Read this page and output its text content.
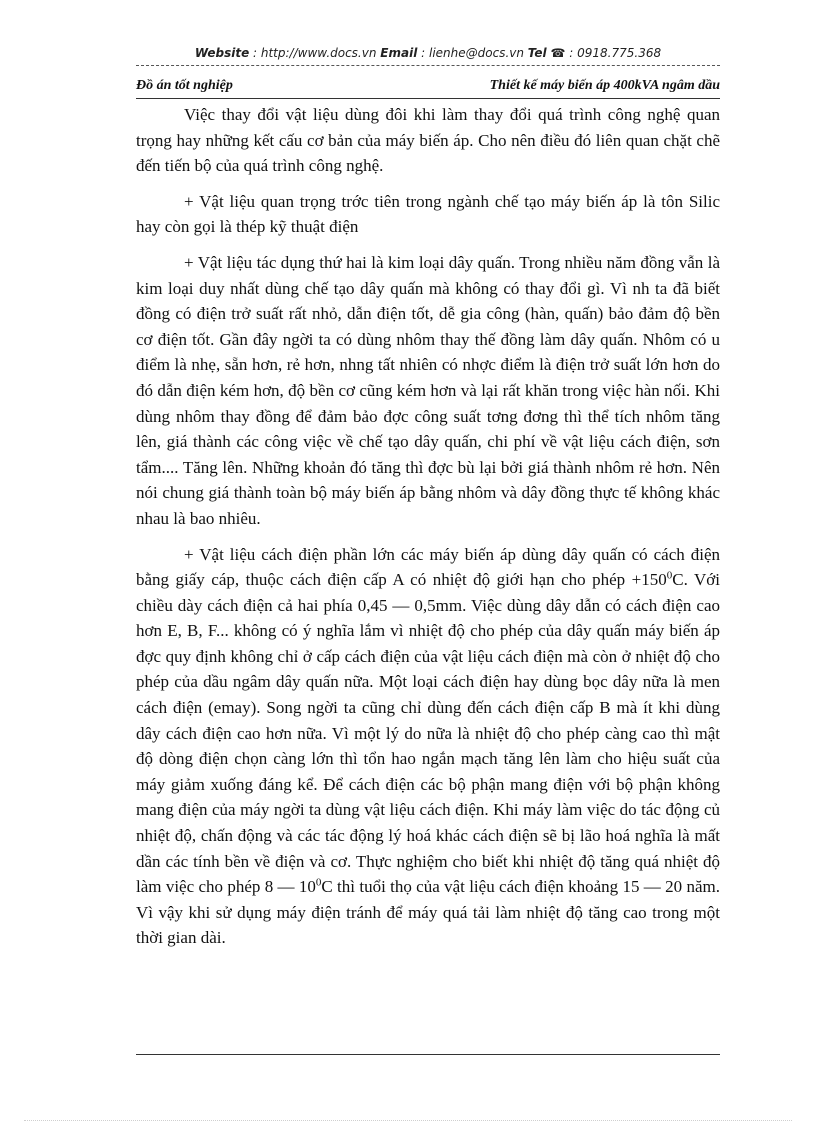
Website : http://www.docs.vn Email : lienhe@docs.vn Tel ☎ : 0918.775.368
Đồ án tốt nghiệp	Thiết kế máy biến áp 400kVA ngâm dầu

Việc thay đổi vật liệu dùng đôi khi làm thay đổi quá trình công nghệ quan trọng hay những kết cấu cơ bản của máy biến áp. Cho nên điều đó liên quan chặt chẽ đến tiến bộ của quá trình công nghệ.

+ Vật liệu quan trọng trớc tiên trong ngành chế tạo máy biến áp là tôn Silic hay còn gọi là thép kỹ thuật điện

+ Vật liệu tác dụng thứ hai là kim loại dây quấn. Trong nhiều năm đồng vẫn là kim loại duy nhất dùng chế tạo dây quấn mà không có thay đổi gì. Vì nh ta đã biết đồng có điện trở suất rất nhỏ, dẫn điện tốt, dễ gia công (hàn, quấn) bảo đảm độ bền cơ điện tốt. Gần đây ngời ta có dùng nhôm thay thế đồng làm dây quấn. Nhôm có u điểm là nhẹ, sẵn hơn, rẻ hơn, nhng tất nhiên có nhợc điểm là điện trở suất lớn hơn do đó dẫn điện kém hơn, độ bền cơ cũng kém hơn và lại rất khăn trong việc hàn nối. Khi dùng nhôm thay đồng để đảm bảo đợc công suất tơng đơng thì thể tích nhôm tăng lên, giá thành các công việc về chế tạo dây quấn, chi phí về vật liệu cách điện, sơn tẩm.... Tăng lên. Những khoản đó tăng thì đợc bù lại bởi giá thành nhôm rẻ hơn. Nên nói chung giá thành toàn bộ máy biến áp bằng nhôm và dây đồng thực tế không khác nhau là bao nhiêu.

+ Vật liệu cách điện phần lớn các máy biến áp dùng dây quấn có cách điện bằng giấy cáp, thuộc cách điện cấp A có nhiệt độ giới hạn cho phép $+150^0C$. Với chiều dày cách điện cả hai phía 0,45 — 0,5mm. Việc dùng dây dẫn có cách điện cao hơn E, B, F... không có ý nghĩa lắm vì nhiệt độ cho phép của dây quấn máy biến áp đợc quy định không chỉ ở cấp cách điện của vật liệu cách điện mà còn ở nhiệt độ cho phép của dầu ngâm dây quấn nữa. Một loại cách điện hay dùng bọc dây nữa là men cách điện (emay). Song ngời ta cũng chỉ dùng đến cách điện cấp B mà ít khi dùng dây cách điện cao hơn nữa. Vì một lý do nữa là nhiệt độ cho phép càng cao thì mật độ dòng điện chọn càng lớn thì tổn hao ngắn mạch tăng lên làm cho hiệu suất của máy giảm xuống đáng kể. Để cách điện các bộ phận mang điện với bộ phận không mang điện của máy ngời ta dùng vật liệu cách điện. Khi máy làm việc do tác động củ nhiệt độ, chấn động và các tác động lý hoá khác cách điện sẽ bị lão hoá nghĩa là mất dần các tính bền về điện và cơ. Thực nghiệm cho biết khi nhiệt độ tăng quá nhiệt độ làm việc cho phép 8 — $10^0C$ thì tuổi thọ của vật liệu cách điện khoảng 15 — 20 năm. Vì vậy khi sử dụng máy điện tránh để máy quá tải làm nhiệt độ tăng cao trong một thời gian dài.
